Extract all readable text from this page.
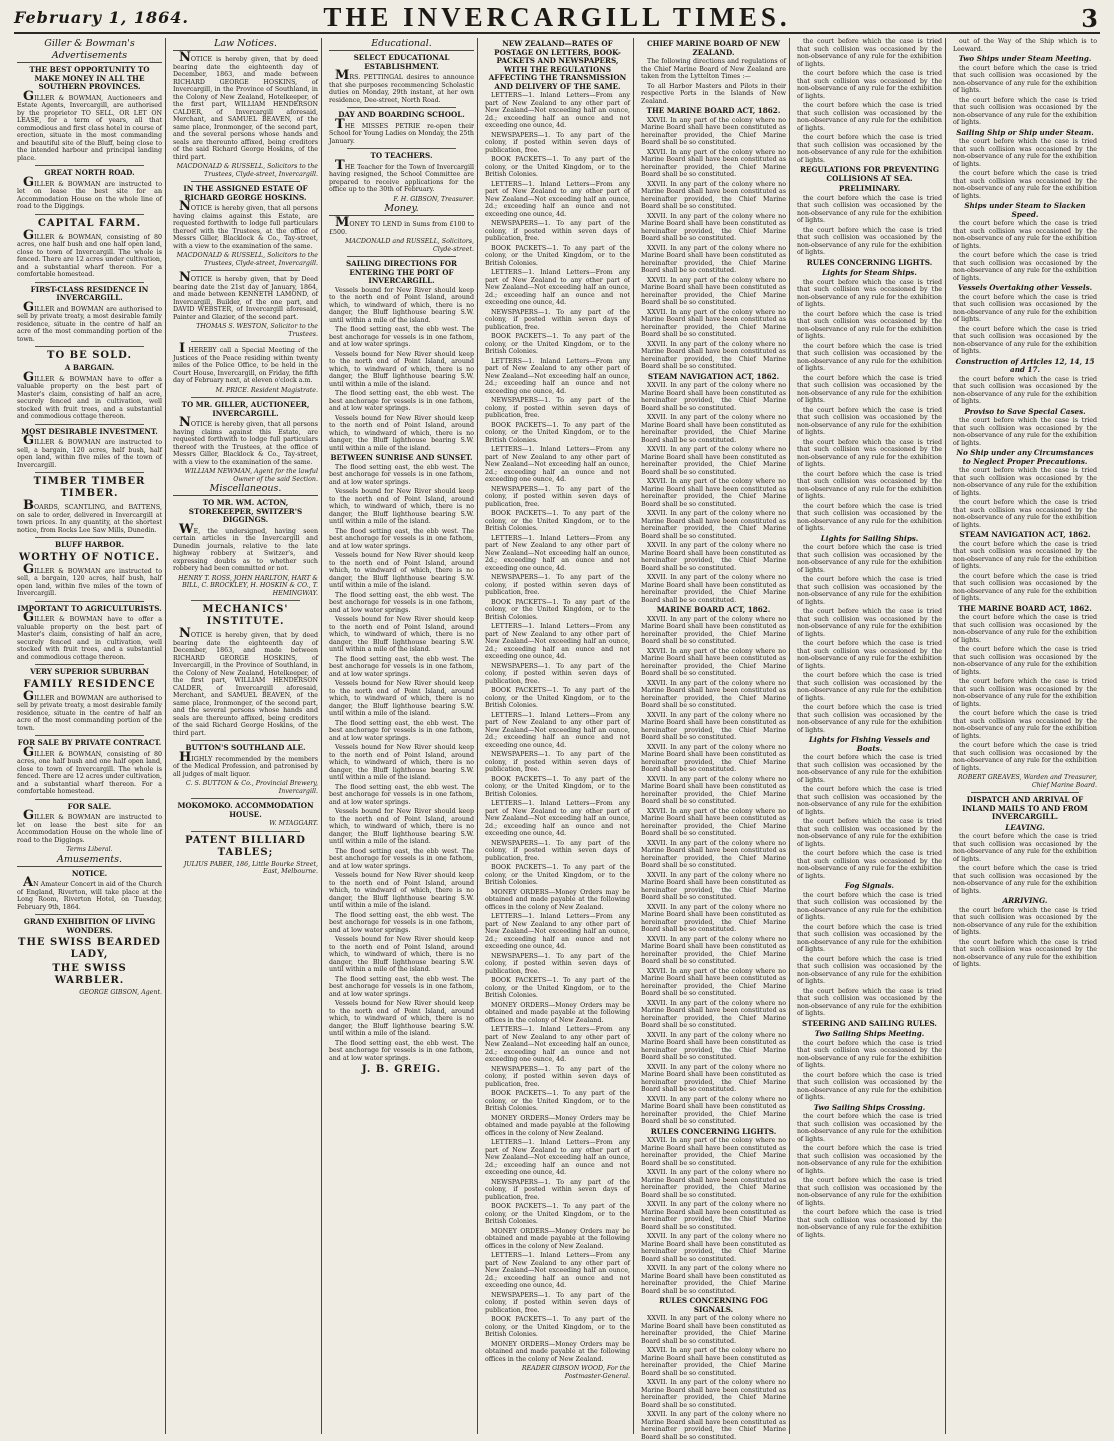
February 1, 1864.	THE INVERCARGILL TIMES.	3
Giller & Bowman's Advertisements
THE BEST OPPORTUNITY TO MAKE MONEY IN ALL THE SOUTHERN PROVINCES.

GILLER & BOWMAN, Auctioneers and Estate Agents, Invercargill, are authorised by the proprietor TO SELL, OR LET ON LEASE, for a term of years, all that commodious and first class hotel in course of erection, situate in the most commanding and beautiful site of the Bluff, being close to the intended harbour and principal landing place.

GREAT NORTH ROAD.

GILLER & BOWMAN are instructed to let on lease the best site for an Accommodation House on the whole line of road to the Diggings.

CAPITAL FARM.

GILLER & BOWMAN, consisting of 80 acres, one half bush and one half open land, close to town of Invercargill. The whole is fenced. There are 12 acres under cultivation, and a substantial wharf thereon. For a comfortable homestead.

FIRST-CLASS RESIDENCE IN INVERCARGILL.

GILLER and BOWMAN are authorised to sell by private treaty, a most desirable family residence, situate in the centre of half an acre of the most commanding portion of the town.

TO BE SOLD.
A BARGAIN.

GILLER & BOWMAN have to offer a valuable property on the best part of Master's claim, consisting of half an acre, securely fenced and in cultivation, well stocked with fruit trees, and a substantial and commodious cottage thereon.

MOST DESIRABLE INVESTMENT.

GILLER & BOWMAN are instructed to sell, a bargain, 120 acres, half bush, half open land, within five miles of the town of Invercargill.

TIMBER TIMBER TIMBER.

BOARDS, SCANTLING, and BATTENS, on sale to order, delivered in Invercargill at town prices. In any quantity, at the shortest notice, from Rocks Lee Saw Mills, Dunedin.

BLUFF HARBOR.
WORTHY OF NOTICE.

GILLER & BOWMAN are instructed to sell, a bargain, 120 acres, half bush, half open land, within five miles of the town of Invercargill.

IMPORTANT TO AGRICULTURISTS.

GILLER & BOWMAN have to offer a valuable property on the best part of Master's claim, consisting of half an acre, securely fenced and in cultivation, well stocked with fruit trees, and a substantial and commodious cottage thereon.

VERY SUPERIOR SUBURBAN
FAMILY RESIDENCE

GILLER and BOWMAN are authorised to sell by private treaty, a most desirable family residence, situate in the centre of half an acre of the most commanding portion of the town.

FOR SALE BY PRIVATE CONTRACT.

GILLER & BOWMAN, consisting of 80 acres, one half bush and one half open land, close to town of Invercargill. The whole is fenced. There are 12 acres under cultivation, and a substantial wharf thereon. For a comfortable homestead.

FOR SALE.

GILLER & BOWMAN are instructed to let on lease the best site for an Accommodation House on the whole line of road to the Diggings.

Terms Liberal.
Amusements.
NOTICE.

AN Amateur Concert in aid of the Church of England, Riverton, will take place at the Long Room, Riverton Hotel, on Tuesday, February 9th, 1864.

GRAND EXHIBITION OF LIVING WONDERS.
THE SWISS BEARDED LADY,
THE SWISS WARBLER.
GEORGE GIBSON, Agent.
Law Notices.

NOTICE is hereby given, that by deed bearing date the eighteenth day of December, 1863, and made between RICHARD GEORGE HOSKINS, of Invercargill, in the Province of Southland, in the Colony of New Zealand, Hotelkeeper, of the first part, WILLIAM HENDERSON CALDER, of Invercargill aforesaid, Merchant, and SAMUEL BEAVEN, of the same place, Ironmonger, of the second part, and the several persons whose hands and seals are thereunto affixed, being creditors of the said Richard George Hoskins, of the third part.

MACDONALD & RUSSELL, Solicitors to the Trustees, Clyde-street, Invercargill.
IN THE ASSIGNED ESTATE OF RICHARD GEORGE HOSKINS.

NOTICE is hereby given, that all persons having claims against this Estate, are requested forthwith to lodge full particulars thereof with the Trustees, at the office of Messrs Giller, Blacklock & Co., Tay-street, with a view to the examination of the same.

MACDONALD & RUSSELL, Solicitors to the Trustees, Clyde-street, Invercargill.

NOTICE is hereby given, that by Deed bearing date the 21st day of January, 1864, and made between KENNETH LAMOND, of Invercargill, Builder, of the one part, and DAVID WEBSTER, of Invercargill aforesaid, Painter and Glazier, of the second part.

THOMAS S. WESTON, Solicitor to the Trustees.

I HEREBY call a Special Meeting of the Justices of the Peace residing within twenty miles of the Police Office, to be held in the Court House, Invercargill, on Friday, the fifth day of February next, at eleven o'clock a.m.

M. PRICE. Resident Magistrate.
TO MR. GILLER, AUCTIONEER, INVERCARGILL.

NOTICE is hereby given, that all persons having claims against this Estate, are requested forthwith to lodge full particulars thereof with the Trustees, at the office of Messrs Giller, Blacklock & Co., Tay-street, with a view to the examination of the same.

WILLIAM NEWMAN, Agent for the lawful Owner of the said Section.
Miscellaneous.
TO MR. WM. ACTON, STOREKEEPER, SWITZER'S DIGGINGS.

WE, the undersigned, having seen certain articles in the Invercargill and Dunedin journals, relative to the late highway robbery at Switzer's, and expressing doubts as to whether such robbery had been committed or not.

HENRY T. ROSS, JOHN HARLTON, HART & BILL, C. BROCKLEY, H. HOSKIN & CO., T. HEMINGWAY.
MECHANICS' INSTITUTE.

NOTICE is hereby given, that by deed bearing date the eighteenth day of December, 1863, and made between RICHARD GEORGE HOSKINS, of Invercargill, in the Province of Southland, in the Colony of New Zealand, Hotelkeeper, of the first part, WILLIAM HENDERSON CALDER, of Invercargill aforesaid, Merchant, and SAMUEL BEAVEN, of the same place, Ironmonger, of the second part, and the several persons whose hands and seals are thereunto affixed, being creditors of the said Richard George Hoskins, of the third part.

BUTTON'S SOUTHLAND ALE.

HIGHLY recommended by the members of the Medical Profession, and patronised by all judges of malt liquor.

C. S. BUTTON & Co., Provincial Brewery, Invercargill.
MOKOMOKO. ACCOMMODATION HOUSE.
W. MTAGGART.
PATENT BILLIARD TABLES;
JULIUS PABER, 186, Little Bourke Street, East, Melbourne.
Educational.
SELECT EDUCATIONAL ESTABLISHMENT.

MRS. PETTINGAL desires to announce that she purposes recommencing Scholastic duties on Monday, 29th instant, at her own residence, Dee-street, North Road.

DAY AND BOARDING SCHOOL.

THE MISSES PETRIE re-open their School for Young Ladies on Monday, the 25th January.

TO TEACHERS.

THE Teacher for the Town of Invercargill having resigned, the School Committee are prepared to receive applications for the office up to the 30th of February.

F. H. GIBSON, Treasurer.
Money.

MONEY TO LEND in Sums from £100 to £500.

MACDONALD and RUSSELL, Solicitors, Clyde-street.
SAILING DIRECTIONS FOR ENTERING THE PORT OF INVERCARGILL.

Vessels bound for New River should keep to the north end of Point Island, around which, to windward of which, there is no danger, the Bluff lighthouse bearing S.W. until within a mile of the island.

The flood setting east, the ebb west. The best anchorage for vessels is in one fathom, and at low water springs.

Vessels bound for New River should keep to the north end of Point Island, around which, to windward of which, there is no danger, the Bluff lighthouse bearing S.W. until within a mile of the island.

The flood setting east, the ebb west. The best anchorage for vessels is in one fathom, and at low water springs.

Vessels bound for New River should keep to the north end of Point Island, around which, to windward of which, there is no danger, the Bluff lighthouse bearing S.W. until within a mile of the island.

BETWEEN SUNRISE AND SUNSET.

The flood setting east, the ebb west. The best anchorage for vessels is in one fathom, and at low water springs.

Vessels bound for New River should keep to the north end of Point Island, around which, to windward of which, there is no danger, the Bluff lighthouse bearing S.W. until within a mile of the island.

The flood setting east, the ebb west. The best anchorage for vessels is in one fathom, and at low water springs.

Vessels bound for New River should keep to the north end of Point Island, around which, to windward of which, there is no danger, the Bluff lighthouse bearing S.W. until within a mile of the island.

The flood setting east, the ebb west. The best anchorage for vessels is in one fathom, and at low water springs.

Vessels bound for New River should keep to the north end of Point Island, around which, to windward of which, there is no danger, the Bluff lighthouse bearing S.W. until within a mile of the island.

The flood setting east, the ebb west. The best anchorage for vessels is in one fathom, and at low water springs.

Vessels bound for New River should keep to the north end of Point Island, around which, to windward of which, there is no danger, the Bluff lighthouse bearing S.W. until within a mile of the island.

The flood setting east, the ebb west. The best anchorage for vessels is in one fathom, and at low water springs.

Vessels bound for New River should keep to the north end of Point Island, around which, to windward of which, there is no danger, the Bluff lighthouse bearing S.W. until within a mile of the island.

The flood setting east, the ebb west. The best anchorage for vessels is in one fathom, and at low water springs.

Vessels bound for New River should keep to the north end of Point Island, around which, to windward of which, there is no danger, the Bluff lighthouse bearing S.W. until within a mile of the island.

The flood setting east, the ebb west. The best anchorage for vessels is in one fathom, and at low water springs.

Vessels bound for New River should keep to the north end of Point Island, around which, to windward of which, there is no danger, the Bluff lighthouse bearing S.W. until within a mile of the island.

The flood setting east, the ebb west. The best anchorage for vessels is in one fathom, and at low water springs.

Vessels bound for New River should keep to the north end of Point Island, around which, to windward of which, there is no danger, the Bluff lighthouse bearing S.W. until within a mile of the island.

The flood setting east, the ebb west. The best anchorage for vessels is in one fathom, and at low water springs.

Vessels bound for New River should keep to the north end of Point Island, around which, to windward of which, there is no danger, the Bluff lighthouse bearing S.W. until within a mile of the island.

The flood setting east, the ebb west. The best anchorage for vessels is in one fathom, and at low water springs.

J. B. GREIG.
NEW ZEALAND—RATES OF POSTAGE ON LETTERS, BOOK-PACKETS AND NEWSPAPERS, WITH THE REGULATIONS AFFECTING THE TRANSMISSION AND DELIVERY OF THE SAME.

LETTERS—1. Inland Letters—From any part of New Zealand to any other part of New Zealand—Not exceeding half an ounce, 2d.; exceeding half an ounce and not exceeding one ounce, 4d.

NEWSPAPERS—1. To any part of the colony, if posted within seven days of publication, free.

BOOK PACKETS—1. To any part of the colony, or the United Kingdom, or to the British Colonies.

LETTERS—1. Inland Letters—From any part of New Zealand to any other part of New Zealand—Not exceeding half an ounce, 2d.; exceeding half an ounce and not exceeding one ounce, 4d.

NEWSPAPERS—1. To any part of the colony, if posted within seven days of publication, free.

BOOK PACKETS—1. To any part of the colony, or the United Kingdom, or to the British Colonies.

LETTERS—1. Inland Letters—From any part of New Zealand to any other part of New Zealand—Not exceeding half an ounce, 2d.; exceeding half an ounce and not exceeding one ounce, 4d.

NEWSPAPERS—1. To any part of the colony, if posted within seven days of publication, free.

BOOK PACKETS—1. To any part of the colony, or the United Kingdom, or to the British Colonies.

LETTERS—1. Inland Letters—From any part of New Zealand to any other part of New Zealand—Not exceeding half an ounce, 2d.; exceeding half an ounce and not exceeding one ounce, 4d.

NEWSPAPERS—1. To any part of the colony, if posted within seven days of publication, free.

BOOK PACKETS—1. To any part of the colony, or the United Kingdom, or to the British Colonies.

LETTERS—1. Inland Letters—From any part of New Zealand to any other part of New Zealand—Not exceeding half an ounce, 2d.; exceeding half an ounce and not exceeding one ounce, 4d.

NEWSPAPERS—1. To any part of the colony, if posted within seven days of publication, free.

BOOK PACKETS—1. To any part of the colony, or the United Kingdom, or to the British Colonies.

LETTERS—1. Inland Letters—From any part of New Zealand to any other part of New Zealand—Not exceeding half an ounce, 2d.; exceeding half an ounce and not exceeding one ounce, 4d.

NEWSPAPERS—1. To any part of the colony, if posted within seven days of publication, free.

BOOK PACKETS—1. To any part of the colony, or the United Kingdom, or to the British Colonies.

LETTERS—1. Inland Letters—From any part of New Zealand to any other part of New Zealand—Not exceeding half an ounce, 2d.; exceeding half an ounce and not exceeding one ounce, 4d.

NEWSPAPERS—1. To any part of the colony, if posted within seven days of publication, free.

BOOK PACKETS—1. To any part of the colony, or the United Kingdom, or to the British Colonies.

LETTERS—1. Inland Letters—From any part of New Zealand to any other part of New Zealand—Not exceeding half an ounce, 2d.; exceeding half an ounce and not exceeding one ounce, 4d.

NEWSPAPERS—1. To any part of the colony, if posted within seven days of publication, free.

BOOK PACKETS—1. To any part of the colony, or the United Kingdom, or to the British Colonies.

LETTERS—1. Inland Letters—From any part of New Zealand to any other part of New Zealand—Not exceeding half an ounce, 2d.; exceeding half an ounce and not exceeding one ounce, 4d.

NEWSPAPERS—1. To any part of the colony, if posted within seven days of publication, free.

BOOK PACKETS—1. To any part of the colony, or the United Kingdom, or to the British Colonies.

MONEY ORDERS—Money Orders may be obtained and made payable at the following offices in the colony of New Zealand.

LETTERS—1. Inland Letters—From any part of New Zealand to any other part of New Zealand—Not exceeding half an ounce, 2d.; exceeding half an ounce and not exceeding one ounce, 4d.

NEWSPAPERS—1. To any part of the colony, if posted within seven days of publication, free.

BOOK PACKETS—1. To any part of the colony, or the United Kingdom, or to the British Colonies.

MONEY ORDERS—Money Orders may be obtained and made payable at the following offices in the colony of New Zealand.

LETTERS—1. Inland Letters—From any part of New Zealand to any other part of New Zealand—Not exceeding half an ounce, 2d.; exceeding half an ounce and not exceeding one ounce, 4d.

NEWSPAPERS—1. To any part of the colony, if posted within seven days of publication, free.

BOOK PACKETS—1. To any part of the colony, or the United Kingdom, or to the British Colonies.

MONEY ORDERS—Money Orders may be obtained and made payable at the following offices in the colony of New Zealand.

LETTERS—1. Inland Letters—From any part of New Zealand to any other part of New Zealand—Not exceeding half an ounce, 2d.; exceeding half an ounce and not exceeding one ounce, 4d.

NEWSPAPERS—1. To any part of the colony, if posted within seven days of publication, free.

BOOK PACKETS—1. To any part of the colony, or the United Kingdom, or to the British Colonies.

MONEY ORDERS—Money Orders may be obtained and made payable at the following offices in the colony of New Zealand.

LETTERS—1. Inland Letters—From any part of New Zealand to any other part of New Zealand—Not exceeding half an ounce, 2d.; exceeding half an ounce and not exceeding one ounce, 4d.

NEWSPAPERS—1. To any part of the colony, if posted within seven days of publication, free.

BOOK PACKETS—1. To any part of the colony, or the United Kingdom, or to the British Colonies.

MONEY ORDERS—Money Orders may be obtained and made payable at the following offices in the colony of New Zealand.

READER GIBSON WOOD, For the Postmaster-General.
CHIEF MARINE BOARD OF NEW ZEALAND.

The following directions and regulations of the Chief Marine Board of New Zealand are taken from the Lyttelton Times :—

To all Harbor Masters and Pilots in their respective Ports in the Islands of New Zealand.

THE MARINE BOARD ACT, 1862.

XXVII. In any part of the colony where no Marine Board shall have been constituted as hereinafter provided, the Chief Marine Board shall be so constituted.

XXVII. In any part of the colony where no Marine Board shall have been constituted as hereinafter provided, the Chief Marine Board shall be so constituted.

XXVII. In any part of the colony where no Marine Board shall have been constituted as hereinafter provided, the Chief Marine Board shall be so constituted.

XXVII. In any part of the colony where no Marine Board shall have been constituted as hereinafter provided, the Chief Marine Board shall be so constituted.

XXVII. In any part of the colony where no Marine Board shall have been constituted as hereinafter provided, the Chief Marine Board shall be so constituted.

XXVII. In any part of the colony where no Marine Board shall have been constituted as hereinafter provided, the Chief Marine Board shall be so constituted.

XXVII. In any part of the colony where no Marine Board shall have been constituted as hereinafter provided, the Chief Marine Board shall be so constituted.

XXVII. In any part of the colony where no Marine Board shall have been constituted as hereinafter provided, the Chief Marine Board shall be so constituted.

STEAM NAVIGATION ACT, 1862.

XXVII. In any part of the colony where no Marine Board shall have been constituted as hereinafter provided, the Chief Marine Board shall be so constituted.

XXVII. In any part of the colony where no Marine Board shall have been constituted as hereinafter provided, the Chief Marine Board shall be so constituted.

XXVII. In any part of the colony where no Marine Board shall have been constituted as hereinafter provided, the Chief Marine Board shall be so constituted.

XXVII. In any part of the colony where no Marine Board shall have been constituted as hereinafter provided, the Chief Marine Board shall be so constituted.

XXVII. In any part of the colony where no Marine Board shall have been constituted as hereinafter provided, the Chief Marine Board shall be so constituted.

XXVII. In any part of the colony where no Marine Board shall have been constituted as hereinafter provided, the Chief Marine Board shall be so constituted.

XXVII. In any part of the colony where no Marine Board shall have been constituted as hereinafter provided, the Chief Marine Board shall be so constituted.

MARINE BOARD ACT, 1862.

XXVII. In any part of the colony where no Marine Board shall have been constituted as hereinafter provided, the Chief Marine Board shall be so constituted.

XXVII. In any part of the colony where no Marine Board shall have been constituted as hereinafter provided, the Chief Marine Board shall be so constituted.

XXVII. In any part of the colony where no Marine Board shall have been constituted as hereinafter provided, the Chief Marine Board shall be so constituted.

XXVII. In any part of the colony where no Marine Board shall have been constituted as hereinafter provided, the Chief Marine Board shall be so constituted.

XXVII. In any part of the colony where no Marine Board shall have been constituted as hereinafter provided, the Chief Marine Board shall be so constituted.

XXVII. In any part of the colony where no Marine Board shall have been constituted as hereinafter provided, the Chief Marine Board shall be so constituted.

XXVII. In any part of the colony where no Marine Board shall have been constituted as hereinafter provided, the Chief Marine Board shall be so constituted.

XXVII. In any part of the colony where no Marine Board shall have been constituted as hereinafter provided, the Chief Marine Board shall be so constituted.

XXVII. In any part of the colony where no Marine Board shall have been constituted as hereinafter provided, the Chief Marine Board shall be so constituted.

XXVII. In any part of the colony where no Marine Board shall have been constituted as hereinafter provided, the Chief Marine Board shall be so constituted.

XXVII. In any part of the colony where no Marine Board shall have been constituted as hereinafter provided, the Chief Marine Board shall be so constituted.

XXVII. In any part of the colony where no Marine Board shall have been constituted as hereinafter provided, the Chief Marine Board shall be so constituted.

XXVII. In any part of the colony where no Marine Board shall have been constituted as hereinafter provided, the Chief Marine Board shall be so constituted.

XXVII. In any part of the colony where no Marine Board shall have been constituted as hereinafter provided, the Chief Marine Board shall be so constituted.

XXVII. In any part of the colony where no Marine Board shall have been constituted as hereinafter provided, the Chief Marine Board shall be so constituted.

XXVII. In any part of the colony where no Marine Board shall have been constituted as hereinafter provided, the Chief Marine Board shall be so constituted.

RULES CONCERNING LIGHTS.

XXVII. In any part of the colony where no Marine Board shall have been constituted as hereinafter provided, the Chief Marine Board shall be so constituted.

XXVII. In any part of the colony where no Marine Board shall have been constituted as hereinafter provided, the Chief Marine Board shall be so constituted.

XXVII. In any part of the colony where no Marine Board shall have been constituted as hereinafter provided, the Chief Marine Board shall be so constituted.

XXVII. In any part of the colony where no Marine Board shall have been constituted as hereinafter provided, the Chief Marine Board shall be so constituted.

XXVII. In any part of the colony where no Marine Board shall have been constituted as hereinafter provided, the Chief Marine Board shall be so constituted.

RULES CONCERNING FOG SIGNALS.

XXVII. In any part of the colony where no Marine Board shall have been constituted as hereinafter provided, the Chief Marine Board shall be so constituted.

XXVII. In any part of the colony where no Marine Board shall have been constituted as hereinafter provided, the Chief Marine Board shall be so constituted.

XXVII. In any part of the colony where no Marine Board shall have been constituted as hereinafter provided, the Chief Marine Board shall be so constituted.

XXVII. In any part of the colony where no Marine Board shall have been constituted as hereinafter provided, the Chief Marine Board shall be so constituted.

the court before which the case is tried that such collision was occasioned by the non-observance of any rule for the exhibition of lights.

the court before which the case is tried that such collision was occasioned by the non-observance of any rule for the exhibition of lights.

the court before which the case is tried that such collision was occasioned by the non-observance of any rule for the exhibition of lights.

the court before which the case is tried that such collision was occasioned by the non-observance of any rule for the exhibition of lights.

REGULATIONS FOR PREVENTING COLLISIONS AT SEA.
PRELIMINARY.

the court before which the case is tried that such collision was occasioned by the non-observance of any rule for the exhibition of lights.

the court before which the case is tried that such collision was occasioned by the non-observance of any rule for the exhibition of lights.

RULES CONCERNING LIGHTS.
Lights for Steam Ships.

the court before which the case is tried that such collision was occasioned by the non-observance of any rule for the exhibition of lights.

the court before which the case is tried that such collision was occasioned by the non-observance of any rule for the exhibition of lights.

the court before which the case is tried that such collision was occasioned by the non-observance of any rule for the exhibition of lights.

the court before which the case is tried that such collision was occasioned by the non-observance of any rule for the exhibition of lights.

the court before which the case is tried that such collision was occasioned by the non-observance of any rule for the exhibition of lights.

the court before which the case is tried that such collision was occasioned by the non-observance of any rule for the exhibition of lights.

the court before which the case is tried that such collision was occasioned by the non-observance of any rule for the exhibition of lights.

the court before which the case is tried that such collision was occasioned by the non-observance of any rule for the exhibition of lights.

Lights for Sailing Ships.

the court before which the case is tried that such collision was occasioned by the non-observance of any rule for the exhibition of lights.

the court before which the case is tried that such collision was occasioned by the non-observance of any rule for the exhibition of lights.

the court before which the case is tried that such collision was occasioned by the non-observance of any rule for the exhibition of lights.

the court before which the case is tried that such collision was occasioned by the non-observance of any rule for the exhibition of lights.

the court before which the case is tried that such collision was occasioned by the non-observance of any rule for the exhibition of lights.

the court before which the case is tried that such collision was occasioned by the non-observance of any rule for the exhibition of lights.

Lights for Fishing Vessels and Boats.

the court before which the case is tried that such collision was occasioned by the non-observance of any rule for the exhibition of lights.

the court before which the case is tried that such collision was occasioned by the non-observance of any rule for the exhibition of lights.

the court before which the case is tried that such collision was occasioned by the non-observance of any rule for the exhibition of lights.

the court before which the case is tried that such collision was occasioned by the non-observance of any rule for the exhibition of lights.

Fog Signals.

the court before which the case is tried that such collision was occasioned by the non-observance of any rule for the exhibition of lights.

the court before which the case is tried that such collision was occasioned by the non-observance of any rule for the exhibition of lights.

the court before which the case is tried that such collision was occasioned by the non-observance of any rule for the exhibition of lights.

the court before which the case is tried that such collision was occasioned by the non-observance of any rule for the exhibition of lights.

STEERING AND SAILING RULES.
Two Sailing Ships Meeting.

the court before which the case is tried that such collision was occasioned by the non-observance of any rule for the exhibition of lights.

the court before which the case is tried that such collision was occasioned by the non-observance of any rule for the exhibition of lights.

Two Sailing Ships Crossing.

the court before which the case is tried that such collision was occasioned by the non-observance of any rule for the exhibition of lights.

the court before which the case is tried that such collision was occasioned by the non-observance of any rule for the exhibition of lights.

the court before which the case is tried that such collision was occasioned by the non-observance of any rule for the exhibition of lights.

the court before which the case is tried that such collision was occasioned by the non-observance of any rule for the exhibition of lights.

out of the Way of the Ship which is to Leeward.

Two Ships under Steam Meeting.

the court before which the case is tried that such collision was occasioned by the non-observance of any rule for the exhibition of lights.

the court before which the case is tried that such collision was occasioned by the non-observance of any rule for the exhibition of lights.

Sailing Ship or Ship under Steam.

the court before which the case is tried that such collision was occasioned by the non-observance of any rule for the exhibition of lights.

the court before which the case is tried that such collision was occasioned by the non-observance of any rule for the exhibition of lights.

Ships under Steam to Slacken Speed.

the court before which the case is tried that such collision was occasioned by the non-observance of any rule for the exhibition of lights.

the court before which the case is tried that such collision was occasioned by the non-observance of any rule for the exhibition of lights.

Vessels Overtaking other Vessels.

the court before which the case is tried that such collision was occasioned by the non-observance of any rule for the exhibition of lights.

the court before which the case is tried that such collision was occasioned by the non-observance of any rule for the exhibition of lights.

Construction of Articles 12, 14, 15 and 17.

the court before which the case is tried that such collision was occasioned by the non-observance of any rule for the exhibition of lights.

Proviso to Save Special Cases.

the court before which the case is tried that such collision was occasioned by the non-observance of any rule for the exhibition of lights.

No Ship under any Circumstances to Neglect Proper Precautions.

the court before which the case is tried that such collision was occasioned by the non-observance of any rule for the exhibition of lights.

the court before which the case is tried that such collision was occasioned by the non-observance of any rule for the exhibition of lights.

STEAM NAVIGATION ACT, 1862.

the court before which the case is tried that such collision was occasioned by the non-observance of any rule for the exhibition of lights.

the court before which the case is tried that such collision was occasioned by the non-observance of any rule for the exhibition of lights.

THE MARINE BOARD ACT, 1862.

the court before which the case is tried that such collision was occasioned by the non-observance of any rule for the exhibition of lights.

the court before which the case is tried that such collision was occasioned by the non-observance of any rule for the exhibition of lights.

the court before which the case is tried that such collision was occasioned by the non-observance of any rule for the exhibition of lights.

the court before which the case is tried that such collision was occasioned by the non-observance of any rule for the exhibition of lights.

the court before which the case is tried that such collision was occasioned by the non-observance of any rule for the exhibition of lights.

ROBERT GREAVES, Warden and Treasurer, Chief Marine Board.
DISPATCH AND ARRIVAL OF INLAND MAILS TO AND FROM INVERCARGILL.
LEAVING.

the court before which the case is tried that such collision was occasioned by the non-observance of any rule for the exhibition of lights.

the court before which the case is tried that such collision was occasioned by the non-observance of any rule for the exhibition of lights.

ARRIVING.

the court before which the case is tried that such collision was occasioned by the non-observance of any rule for the exhibition of lights.

the court before which the case is tried that such collision was occasioned by the non-observance of any rule for the exhibition of lights.
